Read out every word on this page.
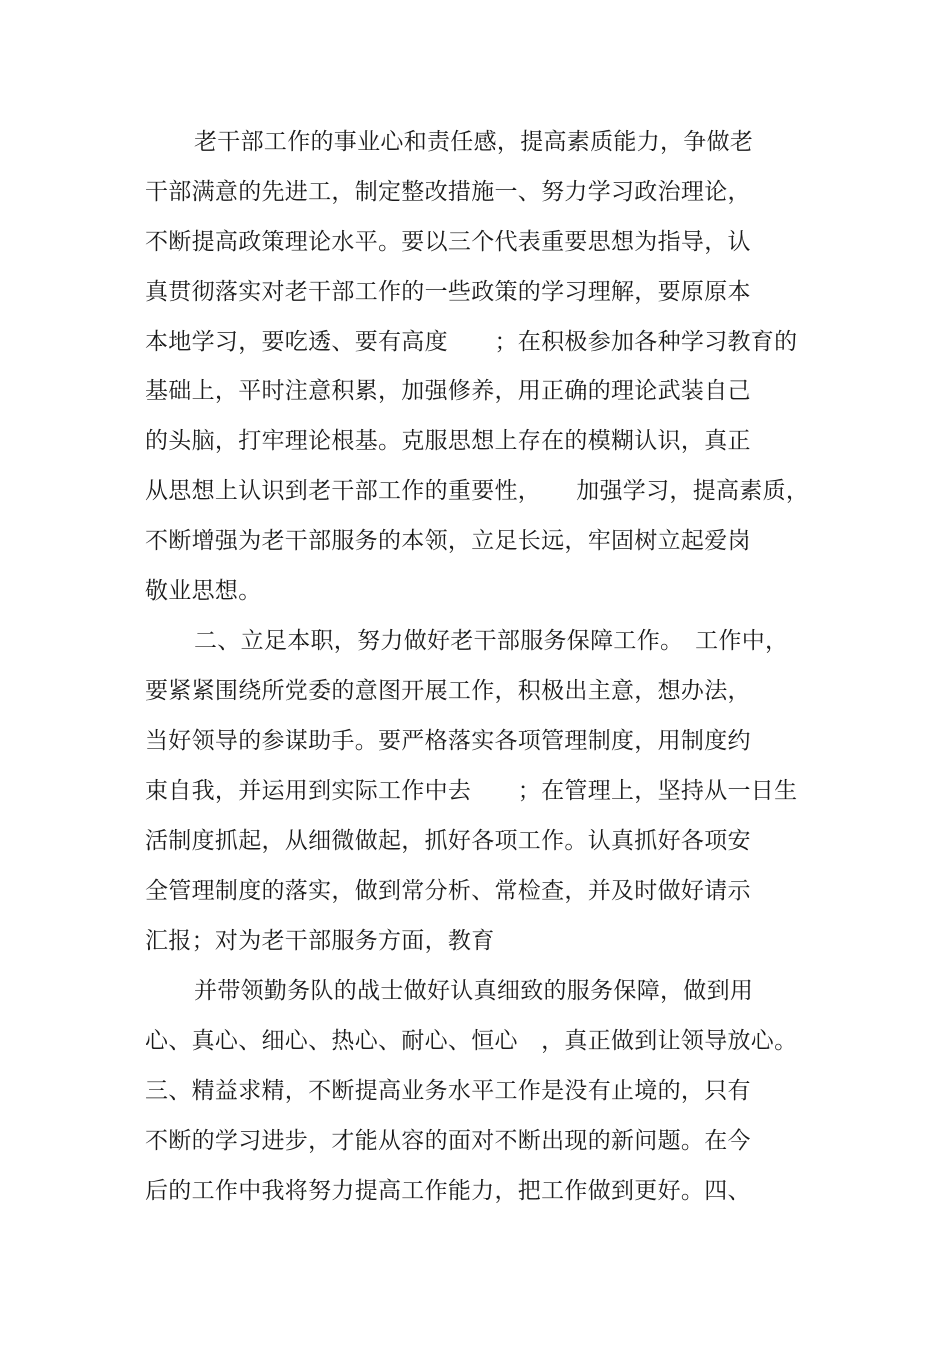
老干部工作的事业心和责任感，提高素质能力，争做老

干部满意的先进工，制定整改措施一、努力学习政治理论，

不断提高政策理论水平。要以三个代表重要思想为指导，认

真贯彻落实对老干部工作的一些政策的学习理解，要原原本

本地学习，要吃透、要有高度　　；在积极参加各种学习教育的

基础上，平时注意积累，加强修养，用正确的理论武装自己

的头脑，打牢理论根基。克服思想上存在的模糊认识，真正

从思想上认识到老干部工作的重要性，　　加强学习，提高素质，

不断增强为老干部服务的本领，立足长远，牢固树立起爱岗

敬业思想。

二、立足本职，努力做好老干部服务保障工作。　工作中，

要紧紧围绕所党委的意图开展工作，积极出主意，想办法，

当好领导的参谋助手。要严格落实各项管理制度，用制度约

束自我，并运用到实际工作中去　　；在管理上，坚持从一日生

活制度抓起，从细微做起，抓好各项工作。认真抓好各项安

全管理制度的落实，做到常分析、常检查，并及时做好请示

汇报；对为老干部服务方面，教育

并带领勤务队的战士做好认真细致的服务保障，做到用

心、真心、细心、热心、耐心、恒心　，真正做到让领导放心。

三、精益求精，不断提高业务水平工作是没有止境的，只有

不断的学习进步，才能从容的面对不断出现的新问题。在今

后的工作中我将努力提高工作能力，把工作做到更好。四、
